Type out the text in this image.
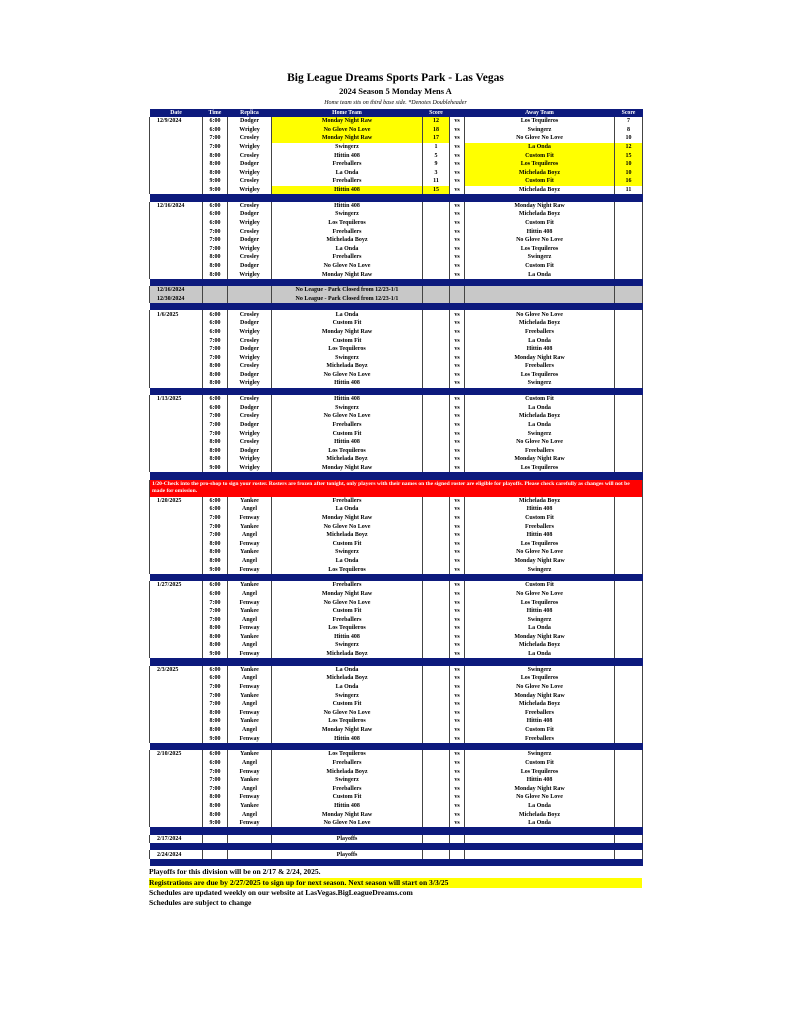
Big League Dreams Sports Park - Las Vegas
2024 Season 5 Monday Mens A
Home team sits on third base side. *Denotes Doubleheader
Date	Time	Replica	Home Team	Score		Away Team	Score
12/9/2024	6:00	Dodger	Monday Night Raw	12	vs	Los Tequileros	7
	6:00	Wrigley	No Glove No Love	18	vs	Swingerz	8
	7:00	Crosley	Monday Night Raw	17	vs	No Glove No Love	10
	7:00	Wrigley	Swingerz	1	vs	La Onda	12
	8:00	Crosley	Hittin 408	5	vs	Custom Fit	15
	8:00	Dodger	Freeballers	9	vs	Los Tequileros	10
	8:00	Wrigley	La Onda	3	vs	Michelada Boyz	10
	9:00	Crosley	Freeballers	11	vs	Custom Fit	16
	9:00	Wrigley	Hittin 408	15	vs	Michelada Boyz	11

12/16/2024	6:00	Crosley	Hittin 408		vs	Monday Night Raw	
	6:00	Dodger	Swingerz		vs	Michelada Boyz	
	6:00	Wrigley	Los Tequileros		vs	Custom Fit	
	7:00	Crosley	Freeballers		vs	Hittin 408	
	7:00	Dodger	Michelada Boyz		vs	No Glove No Love	
	7:00	Wrigley	La Onda		vs	Los Tequileros	
	8:00	Crosley	Freeballers		vs	Swingerz	
	8:00	Dodger	No Glove No Love		vs	Custom Fit	
	8:00	Wrigley	Monday Night Raw		vs	La Onda	

12/16/2024			No League - Park Closed from 12/23-1/1				
12/30/2024			No League - Park Closed from 12/23-1/1				

1/6/2025	6:00	Crosley	La Onda		vs	No Glove No Love	
	6:00	Dodger	Custom Fit		vs	Michelada Boyz	
	6:00	Wrigley	Monday Night Raw		vs	Freeballers	
	7:00	Crosley	Custom Fit		vs	La Onda	
	7:00	Dodger	Los Tequileros		vs	Hittin 408	
	7:00	Wrigley	Swingerz		vs	Monday Night Raw	
	8:00	Crosley	Michelada Boyz		vs	Freeballers	
	8:00	Dodger	No Glove No Love		vs	Los Tequileros	
	8:00	Wrigley	Hittin 408		vs	Swingerz	

1/13/2025	6:00	Crosley	Hittin 408		vs	Custom Fit	
	6:00	Dodger	Swingerz		vs	La Onda	
	7:00	Crosley	No Glove No Love		vs	Michelada Boyz	
	7:00	Dodger	Freeballers		vs	La Onda	
	7:00	Wrigley	Custom Fit		vs	Swingerz	
	8:00	Crosley	Hittin 408		vs	No Glove No Love	
	8:00	Dodger	Los Tequileros		vs	Freeballers	
	8:00	Wrigley	Michelada Boyz		vs	Monday Night Raw	
	9:00	Wrigley	Monday Night Raw		vs	Los Tequileros	

1/20-Check into the pro-shop to sign your roster. Rosters are frozen after tonight, only players with their names on the signed roster are eligible for playoffs. Please check carefully as changes will not be made for omission.							
1/20/2025	6:00	Yankee	Freeballers		vs	Michelada Boyz	
	6:00	Angel	La Onda		vs	Hittin 408	
	7:00	Fenway	Monday Night Raw		vs	Custom Fit	
	7:00	Yankee	No Glove No Love		vs	Freeballers	
	7:00	Angel	Michelada Boyz		vs	Hittin 408	
	8:00	Fenway	Custom Fit		vs	Los Tequileros	
	8:00	Yankee	Swingerz		vs	No Glove No Love	
	8:00	Angel	La Onda		vs	Monday Night Raw	
	9:00	Fenway	Los Tequileros		vs	Swingerz	

1/27/2025	6:00	Yankee	Freeballers		vs	Custom Fit	
	6:00	Angel	Monday Night Raw		vs	No Glove No Love	
	7:00	Fenway	No Glove No Love		vs	Los Tequileros	
	7:00	Yankee	Custom Fit		vs	Hittin 408	
	7:00	Angel	Freeballers		vs	Swingerz	
	8:00	Fenway	Los Tequileros		vs	La Onda	
	8:00	Yankee	Hittin 408		vs	Monday Night Raw	
	8:00	Angel	Swingerz		vs	Michelada Boyz	
	9:00	Fenway	Michelada Boyz		vs	La Onda	

2/3/2025	6:00	Yankee	La Onda		vs	Swingerz	
	6:00	Angel	Michelada Boyz		vs	Los Tequileros	
	7:00	Fenway	La Onda		vs	No Glove No Love	
	7:00	Yankee	Swingerz		vs	Monday Night Raw	
	7:00	Angel	Custom Fit		vs	Michelada Boyz	
	8:00	Fenway	No Glove No Love		vs	Freeballers	
	8:00	Yankee	Los Tequileros		vs	Hittin 408	
	8:00	Angel	Monday Night Raw		vs	Custom Fit	
	9:00	Fenway	Hittin 408		vs	Freeballers	

2/10/2025	6:00	Yankee	Los Tequileros		vs	Swingerz	
	6:00	Angel	Freeballers		vs	Custom Fit	
	7:00	Fenway	Michelada Boyz		vs	Los Tequileros	
	7:00	Yankee	Swingerz		vs	Hittin 408	
	7:00	Angel	Freeballers		vs	Monday Night Raw	
	8:00	Fenway	Custom Fit		vs	No Glove No Love	
	8:00	Yankee	Hittin 408		vs	La Onda	
	8:00	Angel	Monday Night Raw		vs	Michelada Boyz	
	9:00	Fenway	No Glove No Love		vs	La Onda	

2/17/2024			Playoffs				

2/24/2024			Playoffs				

Playoffs for this division will be on 2/17 & 2/24, 2025.
Registrations are due by 2/27/2025 to sign up for next season. Next season will start on 3/3/25
Schedules are updated weekly on our website at LasVegas.BigLeagueDreams.com
Schedules are subject to change
